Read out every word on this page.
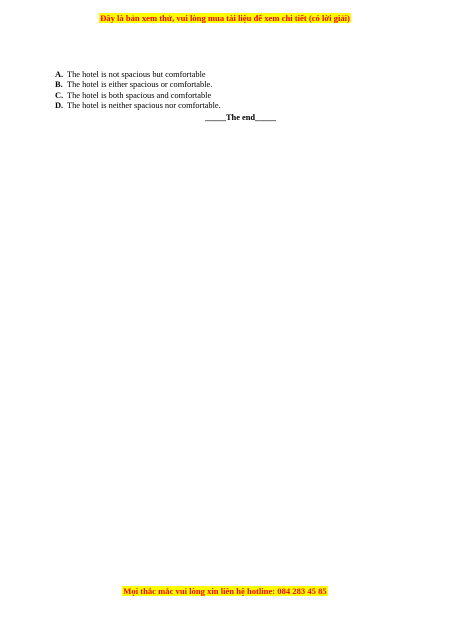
Đây là bản xem thử, vui lòng mua tài liệu để xem chi tiết (có lời giải)
A. The hotel is not spacious but comfortable
B. The hotel is either spacious or comfortable.
C. The hotel is both spacious and comfortable
D. The hotel is neither spacious nor comfortable.
_____The end_____
Mọi thắc mắc vui lòng xin liên hệ hotline: 084 283 45 85
